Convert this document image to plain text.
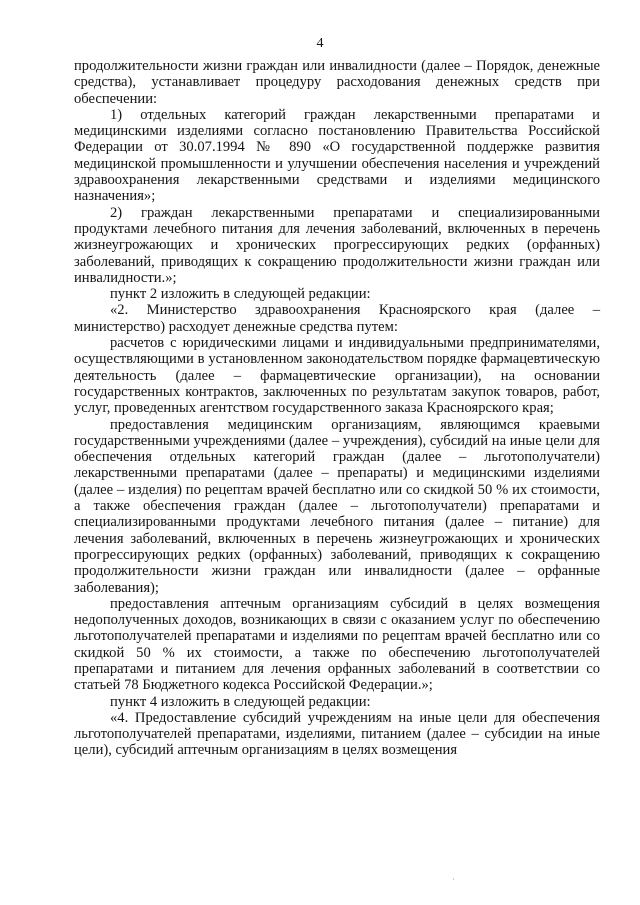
4

продолжительности жизни граждан или инвалидности (далее – Порядок, денежные средства), устанавливает процедуру расходования денежных средств при обеспечении:

1) отдельных категорий граждан лекарственными препаратами и медицинскими изделиями согласно постановлению Правительства Российской Федерации от 30.07.1994 № 890 «О государственной поддержке развития медицинской промышленности и улучшении обеспечения населения и учреждений здравоохранения лекарственными средствами и изделиями медицинского назначения»;

2) граждан лекарственными препаратами и специализированными продуктами лечебного питания для лечения заболеваний, включенных в перечень жизнеугрожающих и хронических прогрессирующих редких (орфанных) заболеваний, приводящих к сокращению продолжительности жизни граждан или инвалидности.»;

пункт 2 изложить в следующей редакции:

«2. Министерство здравоохранения Красноярского края (далее – министерство) расходует денежные средства путем:

расчетов с юридическими лицами и индивидуальными предпринимателями, осуществляющими в установленном законодательством порядке фармацевтическую деятельность (далее – фармацевтические организации), на основании государственных контрактов, заключенных по результатам закупок товаров, работ, услуг, проведенных агентством государственного заказа Красноярского края;

предоставления медицинским организациям, являющимся краевыми государственными учреждениями (далее – учреждения), субсидий на иные цели для обеспечения отдельных категорий граждан (далее – льготополучатели) лекарственными препаратами (далее – препараты) и медицинскими изделиями (далее – изделия) по рецептам врачей бесплатно или со скидкой 50 % их стоимости, а также обеспечения граждан (далее – льготополучатели) препаратами и специализированными продуктами лечебного питания (далее – питание) для лечения заболеваний, включенных в перечень жизнеугрожающих и хронических прогрессирующих редких (орфанных) заболеваний, приводящих к сокращению продолжительности жизни граждан или инвалидности (далее – орфанные заболевания);

предоставления аптечным организациям субсидий в целях возмещения недополученных доходов, возникающих в связи с оказанием услуг по обеспечению льготополучателей препаратами и изделиями по рецептам врачей бесплатно или со скидкой 50 % их стоимости, а также по обеспечению льготополучателей препаратами и питанием для лечения орфанных заболеваний в соответствии со статьей 78 Бюджетного кодекса Российской Федерации.»;

пункт 4 изложить в следующей редакции:

«4. Предоставление субсидий учреждениям на иные цели для обеспечения льготополучателей препаратами, изделиями, питанием (далее – субсидии на иные цели), субсидий аптечным организациям в целях возмещения

·
